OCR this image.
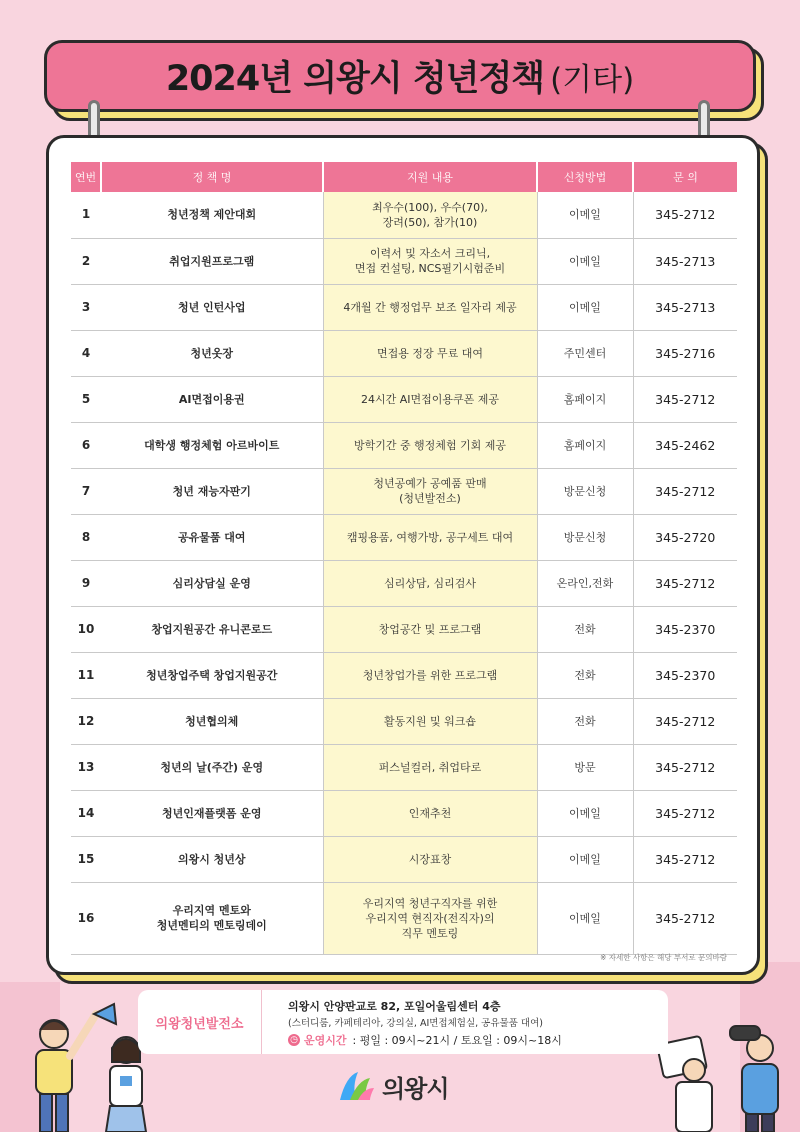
2024년 의왕시 청년정책 (기타)
연번	정 책 명	지원 내용	신청방법	문 의
1	청년정책 제안대회	최우수(100), 우수(70),
장려(50), 참가(10)	이메일	345-2712
2	취업지원프로그램	이력서 및 자소서 크리닉,
면접 컨설팅, NCS필기시험준비	이메일	345-2713
3	청년 인턴사업	4개월 간 행정업무 보조 일자리 제공	이메일	345-2713
4	청년옷장	면접용 정장 무료 대여	주민센터	345-2716
5	AI면접이용권	24시간 AI면접이용쿠폰 제공	홈페이지	345-2712
6	대학생 행정체험 아르바이트	방학기간 중 행정체험 기회 제공	홈페이지	345-2462
7	청년 재능자판기	청년공예가 공예품 판매
(청년발전소)	방문신청	345-2712
8	공유물품 대여	캠핑용품, 여행가방, 공구세트 대여	방문신청	345-2720
9	심리상담실 운영	심리상담, 심리검사	온라인,전화	345-2712
10	창업지원공간 유니콘로드	창업공간 및 프로그램	전화	345-2370
11	청년창업주택 창업지원공간	청년창업가를 위한 프로그램	전화	345-2370
12	청년협의체	활동지원 및 워크숍	전화	345-2712
13	청년의 날(주간) 운영	퍼스널컬러, 취업타로	방문	345-2712
14	청년인재플랫폼 운영	인재추천	이메일	345-2712
15	의왕시 청년상	시장표창	이메일	345-2712
16	우리지역 멘토와
청년멘티의 멘토링데이	우리지역 청년구직자를 위한
우리지역 현직자(전직자)의
직무 멘토링	이메일	345-2712
※ 자세한 사항은 해당 부서로 문의바람
의왕청년발전소
의왕시 안양판교로 82, 포일어울림센터 4층
(스터디룸, 카페테리아, 강의실, AI면접체험실, 공유물품 대여)
◷ 운영시간 : 평일 : 09시~21시 / 토요일 : 09시~18시
의왕시
